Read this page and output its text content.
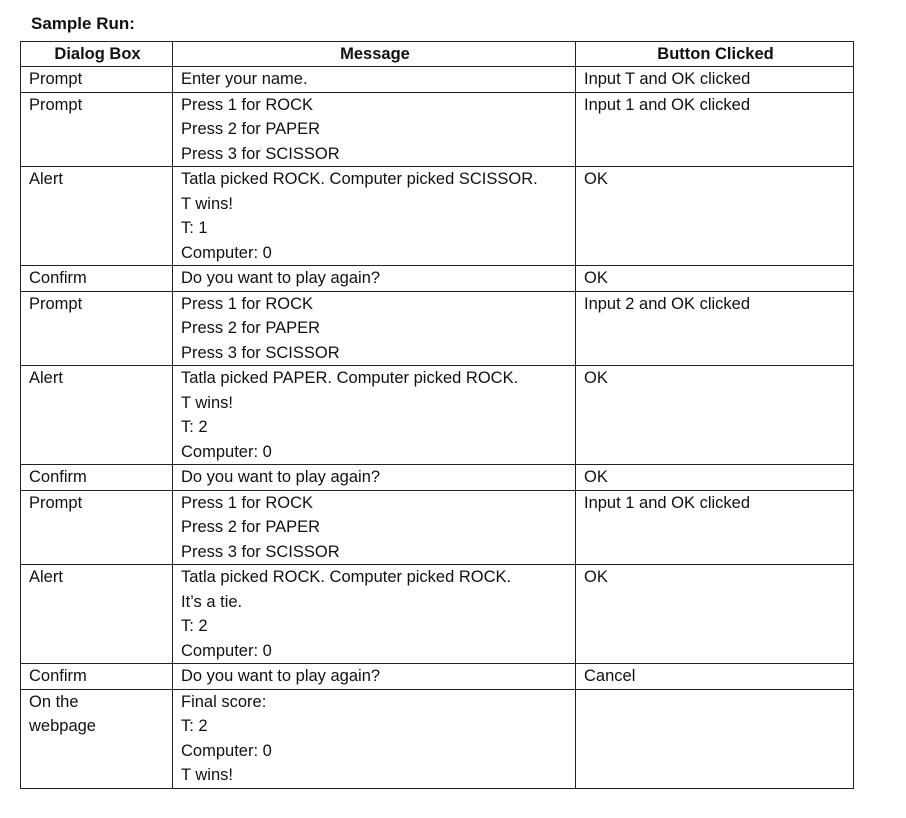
Sample Run:
Dialog Box	Message	Button Clicked

Prompt	Enter your name.	Input T and OK clicked

Prompt	Press 1 for ROCK
Press 2 for PAPER
Press 3 for SCISSOR	Input 1 and OK clicked

Alert	Tatla picked ROCK. Computer picked SCISSOR.
T wins!
T: 1
Computer: 0	OK

Confirm	Do you want to play again?	OK

Prompt	Press 1 for ROCK
Press 2 for PAPER
Press 3 for SCISSOR	Input 2 and OK clicked

Alert	Tatla picked PAPER. Computer picked ROCK.
T wins!
T: 2
Computer: 0	OK

Confirm	Do you want to play again?	OK

Prompt	Press 1 for ROCK
Press 2 for PAPER
Press 3 for SCISSOR	Input 1 and OK clicked

Alert	Tatla picked ROCK. Computer picked ROCK.
It’s a tie.
T: 2
Computer: 0	OK

Confirm	Do you want to play again?	Cancel

On the
webpage	Final score:
T: 2
Computer: 0
T wins!	
